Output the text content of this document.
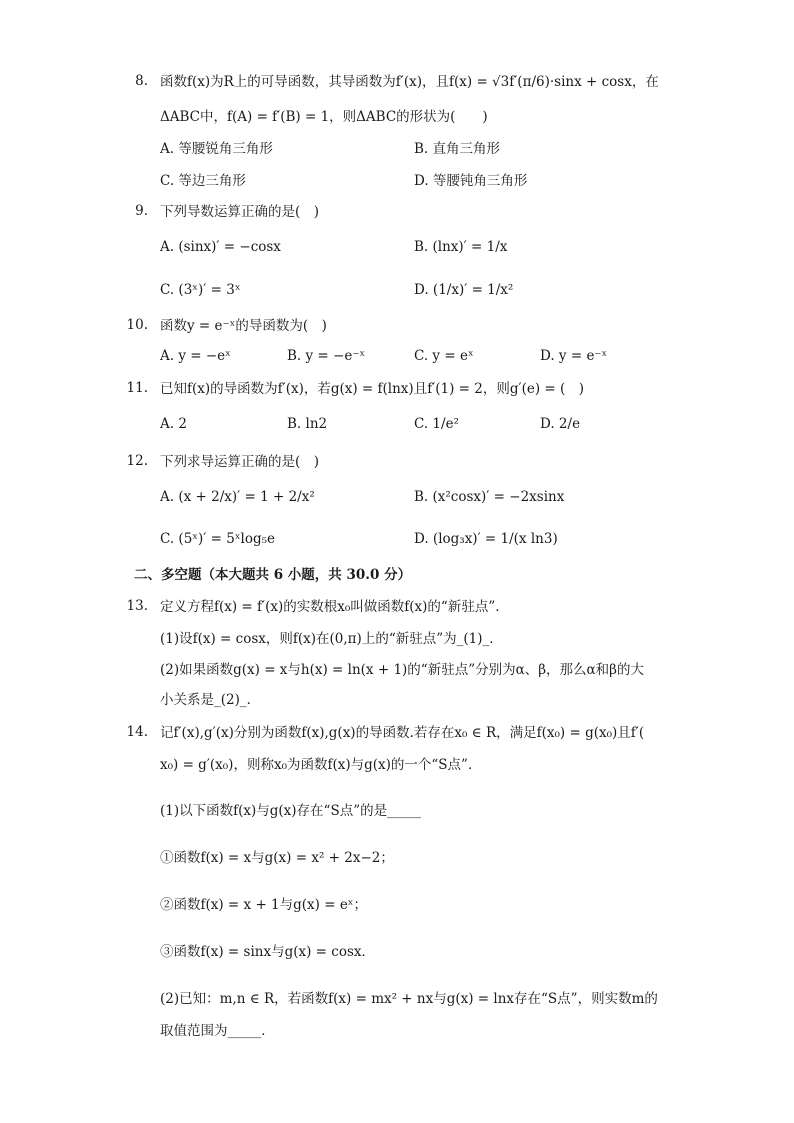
8. 函数f(x)为R上的可导函数，其导函数为f′(x)，且f(x) = √3f′(π/6)·sinx + cosx，在
ΔABC中，f(A) = f′(B) = 1，则ΔABC的形状为(　　)
A. 等腰锐角三角形	B. 直角三角形
C. 等边三角形	D. 等腰钝角三角形
9. 下列导数运算正确的是(　)
A. (sinx)′ = −cosx	B. (lnx)′ = 1/x
C. (3ˣ)′ = 3ˣ	D. (1/x)′ = 1/x²
10. 函数y = e⁻ˣ的导函数为(　)
A. y = −eˣ	B. y = −e⁻ˣ	C. y = eˣ	D. y = e⁻ˣ
11. 已知f(x)的导函数为f′(x)，若g(x) = f(lnx)且f′(1) = 2，则g′(e) = (　)
A. 2	B. ln2	C. 1/e²	D. 2/e
12. 下列求导运算正确的是(　)
A. (x + 2/x)′ = 1 + 2/x²	B. (x²cosx)′ = −2xsinx
C. (5ˣ)′ = 5ˣlog₅e	D. (log₃x)′ = 1/(x ln3)
二、多空题（本大题共 6 小题，共 30.0 分）
13. 定义方程f(x) = f′(x)的实数根x₀叫做函数f(x)的“新驻点”．
(1)设f(x) = cosx，则f(x)在(0,π)上的“新驻点”为_(1)_．
(2)如果函数g(x) = x与h(x) = ln(x + 1)的“新驻点”分别为α、β，那么α和β的大
小关系是_(2)_．
14. 记f′(x),g′(x)分别为函数f(x),g(x)的导函数.若存在x₀ ∈ R，满足f(x₀) = g(x₀)且f′(
x₀) = g′(x₀)，则称x₀为函数f(x)与g(x)的一个“S点”．
(1)以下函数f(x)与g(x)存在“S点”的是_____
①函数f(x) = x与g(x) = x² + 2x−2；
②函数f(x) = x + 1与g(x) = eˣ；
③函数f(x) = sinx与g(x) = cosx．
(2)已知：m,n ∈ R，若函数f(x) = mx² + nx与g(x) = lnx存在“S点”，则实数m的
取值范围为_____．
